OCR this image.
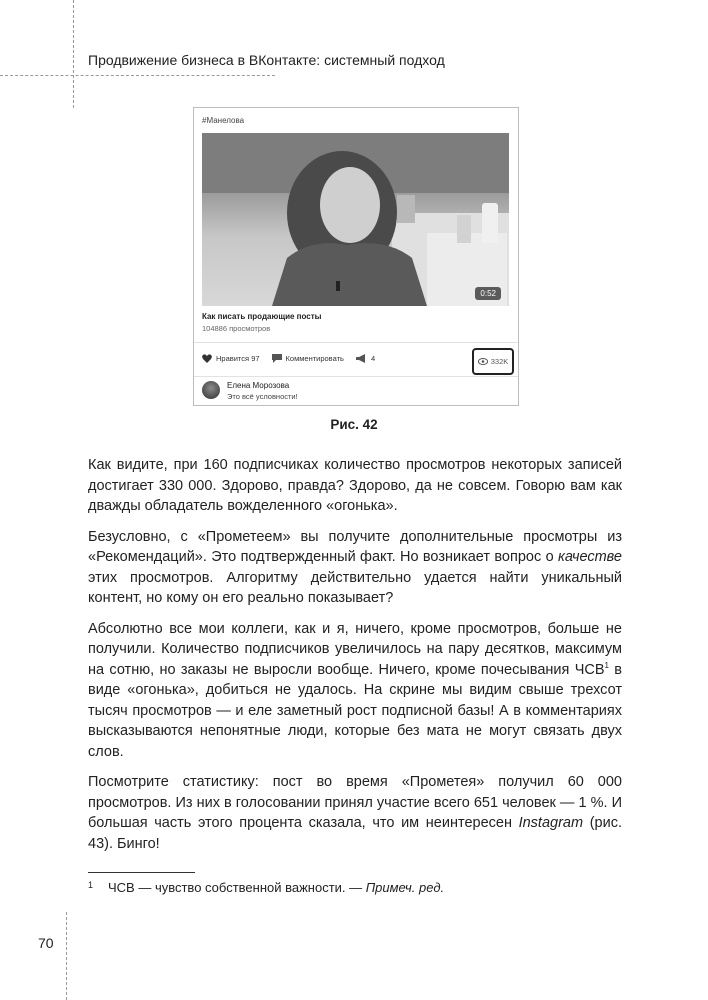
Продвижение бизнеса в ВКонтакте: системный подход
#Манелова
0:52
Как писать продающие посты
104886 просмотров
Нравится
97	Комментировать	4	332K
Елена Морозова
Это всё условности!
Рис. 42

Как видите, при 160 подписчиках количество просмотров некоторых записей достигает 330 000. Здорово, правда? Здорово, да не совсем. Говорю вам как дважды обладатель вожделенного «огонька».

Безусловно, с «Прометеем» вы получите дополнительные просмотры из «Рекомендаций». Это подтвержденный факт. Но возникает вопрос о качестве этих просмотров. Алгоритму действительно удается найти уникальный контент, но кому он его реально показывает?

Абсолютно все мои коллеги, как и я, ничего, кроме просмотров, больше не получили. Количество подписчиков увеличилось на пару десятков, максимум на сотню, но заказы не выросли вообще. Ничего, кроме почесывания ЧСВ$^1$ в виде «огонька», добиться не удалось. На скрине мы видим свыше трехсот тысяч просмотров — и еле заметный рост подписной базы! А в комментариях высказываются непонятные люди, которые без мата не могут связать двух слов.

Посмотрите статистику: пост во время «Прометея» получил 60 000 просмотров. Из них в голосовании принял участие всего 651 человек — 1 %. И большая часть этого процента сказала, что им неинтересен Instagram (рис. 43). Бинго!

1 ЧСВ — чувство собственной важности. — Примеч. ред.
70
